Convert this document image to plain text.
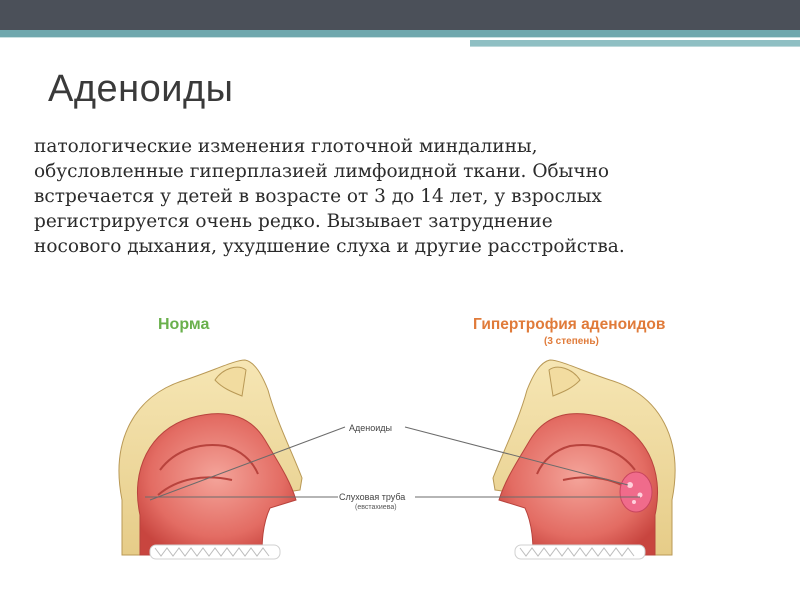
Аденоиды
патологические изменения глоточной миндалины,
обусловленные гиперплазией лимфоидной ткани. Обычно
встречается у детей в возрасте от 3 до 14 лет, у взрослых
регистрируется очень редко. Вызывает затруднение
носового дыхания, ухудшение слуха и другие расстройства.
Норма	Гипертрофия аденоидов
(3 степень)
Аденоиды
Слуховая труба
(евстахиева)
